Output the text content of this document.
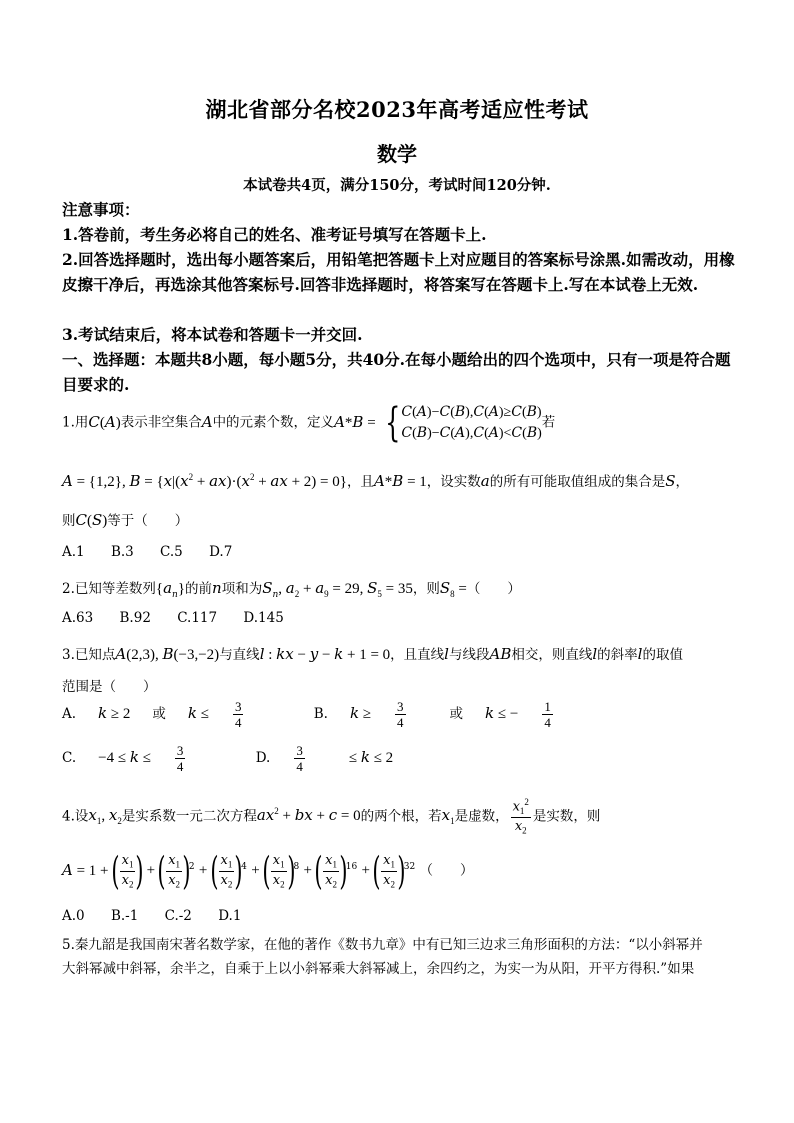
湖北省部分名校2023年高考适应性考试
数学
本试卷共4页，满分150分，考试时间120分钟.
注意事项：
1.答卷前，考生务必将自己的姓名、准考证号填写在答题卡上.
2.回答选择题时，选出每小题答案后，用铅笔把答题卡上对应题目的答案标号涂黑.如需改动，用橡皮擦干净后，再选涂其他答案标号.回答非选择题时，将答案写在答题卡上.写在本试卷上无效.
3.考试结束后，将本试卷和答题卡一并交回.
一、选择题：本题共8小题，每小题5分，共40分.在每小题给出的四个选项中，只有一项是符合题目要求的.
1.用C(A)表示非空集合A中的元素个数，定义A*B = {C(A)−C(B),C(A)≥C(B)
C(B)−C(A),C(A)<C(B)若
A = {1,2}, $B = \{x|(x^2 + ax)\cdot(x^2$ + ax + 2) = 0}，且A*B = 1，设实数a的所有可能取值组成的集合是S，
则C(S)等于（　　）
A.1 B.3 C.5 D.7
2.已知等差数列$\{a_n\}$的前n项和为$S_n$, $a_2 + a_9 = 29$, $S_5 = 35$，则$S_8$ =（　　）
A.63 B.92 C.117 D.145
3.已知点A(2,3), B(−3,−2)与直线l : kx − y − k + 1 = 0，且直线l与线段AB相交，则直线l的斜率l的取值
范围是（　　）
A. k ≥ 2 或 $k \le \frac{3}{4}$	B. $k \ge \frac{3}{4}$ 或 k ≤ − $\frac{1}{4}$
C. $-4 \le k \le \frac{3}{4}$	D. $\frac{3}{4} \le k \le 2$
4.设$x_1$, $x_2$是实系数一元二次方程$ax^2$ + bx + c = 0的两个根，若$x_1$是虚数， $\frac{x_1^2}{x_2}$ 是实数，则
A = 1 + ( $\frac{x_1}{x_2}$ ) + ( $\frac{x_1}{x_2} )^2$ + ( $\frac{x_1}{x_2} )^4$ + ( $\frac{x_1}{x_2} )^8$ + ( $\frac{x_1}{x_2} )^{16}$ + ( $\frac{x_1}{x_2} )^{32}$ （　　）
A.0 B.-1 C.-2 D.1
5.秦九韶是我国南宋著名数学家，在他的著作《数书九章》中有已知三边求三角形面积的方法：“以小斜幂并
大斜幂减中斜幂，余半之，自乘于上以小斜幂乘大斜幂减上，余四约之，为实一为从阳，开平方得积.”如果
